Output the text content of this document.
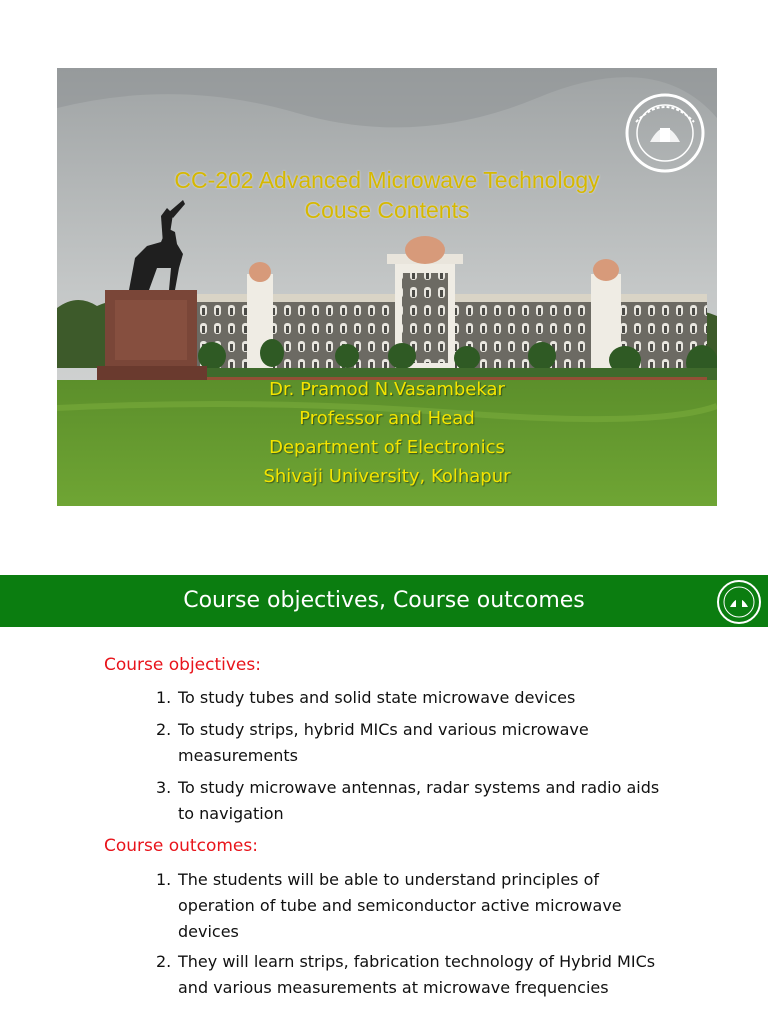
CC-202 Advanced Microwave Technology
Couse Contents
Dr. Pramod N.Vasambekar
Professor and Head
Department of Electronics
Shivaji University, Kolhapur
Course objectives, Course outcomes
Course objectives:
1. To study tubes and solid state microwave devices
2. To study strips, hybrid MICs and various microwave measurements
3. To study microwave antennas, radar systems and radio aids to navigation
Course outcomes:
1. The students will be able to understand principles of operation of tube and semiconductor active microwave devices
2. They will learn strips, fabrication technology of Hybrid MICs and various measurements at microwave frequencies
